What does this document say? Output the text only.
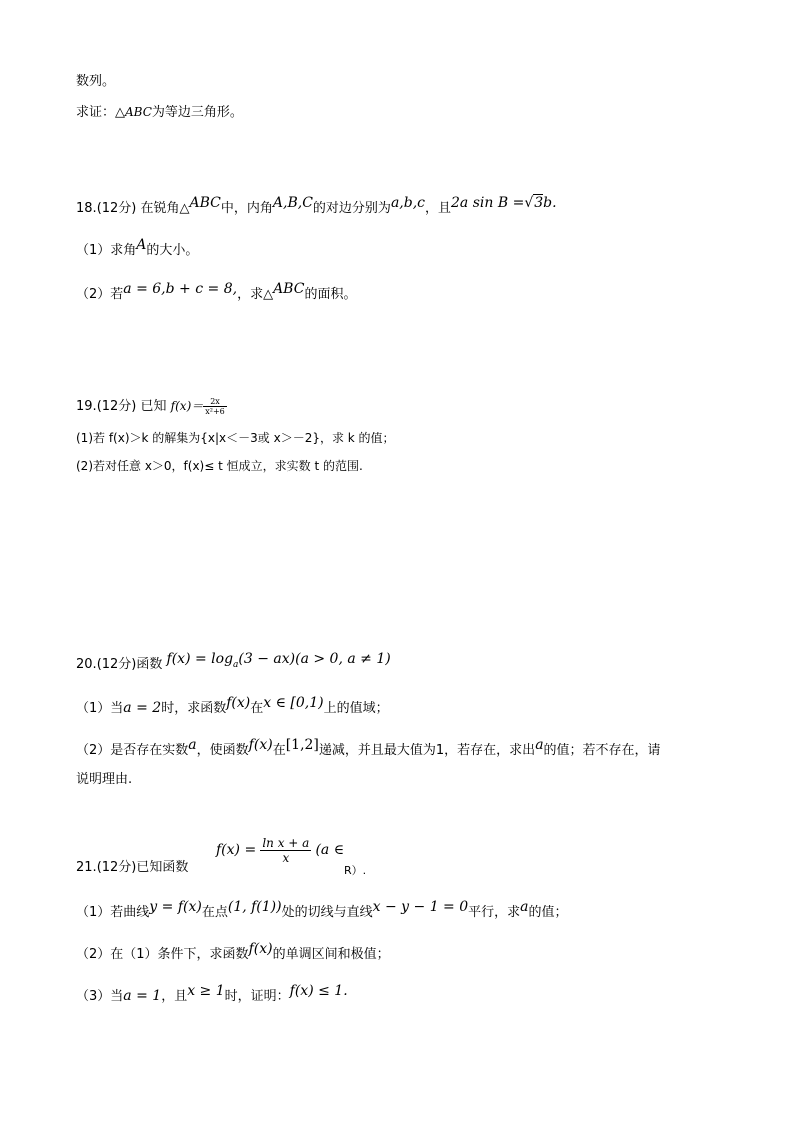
数列。
求证：△ABC为等边三角形。
18.(12分) 在锐角△ABC中，内角A,B,C的对边分别为a,b,c，且2a sin B =√3b.
（1）求角A的大小。
（2）若a = 6,b + c = 8,，求△ABC的面积。
19.(12分) 已知 $f(x)= \frac{2x}{\text{x²+6}}$
(1)若 f(x)＞k 的解集为{x|x＜－3或 x＞－2}，求 k 的值；
(2)若对任意 x＞0，f(x)≤ t 恒成立，求实数 t 的范围.
20.(12分)函数 $f(x) = \log_a(3 - ax)(a > 0$, a ≠ 1)
（1）当a = 2时，求函数f(x)在x ∈ [0,1)上的值域；
（2）是否存在实数a，使函数f(x)在[1,2]递减，并且最大值为1，若存在，求出a的值；若不存在，请
说明理由.
21.(12分)已知函数
$f(x) = \frac{\text{ln x + a}}{x} (a$ ∈
R）.
（1）若曲线y = f(x)在点(1, f(1))处的切线与直线x − y − 1 = 0平行，求a的值；
（2）在（1）条件下，求函数f(x)的单调区间和极值；
（3）当a = 1，且x ≥ 1时，证明：f(x) ≤ 1.
